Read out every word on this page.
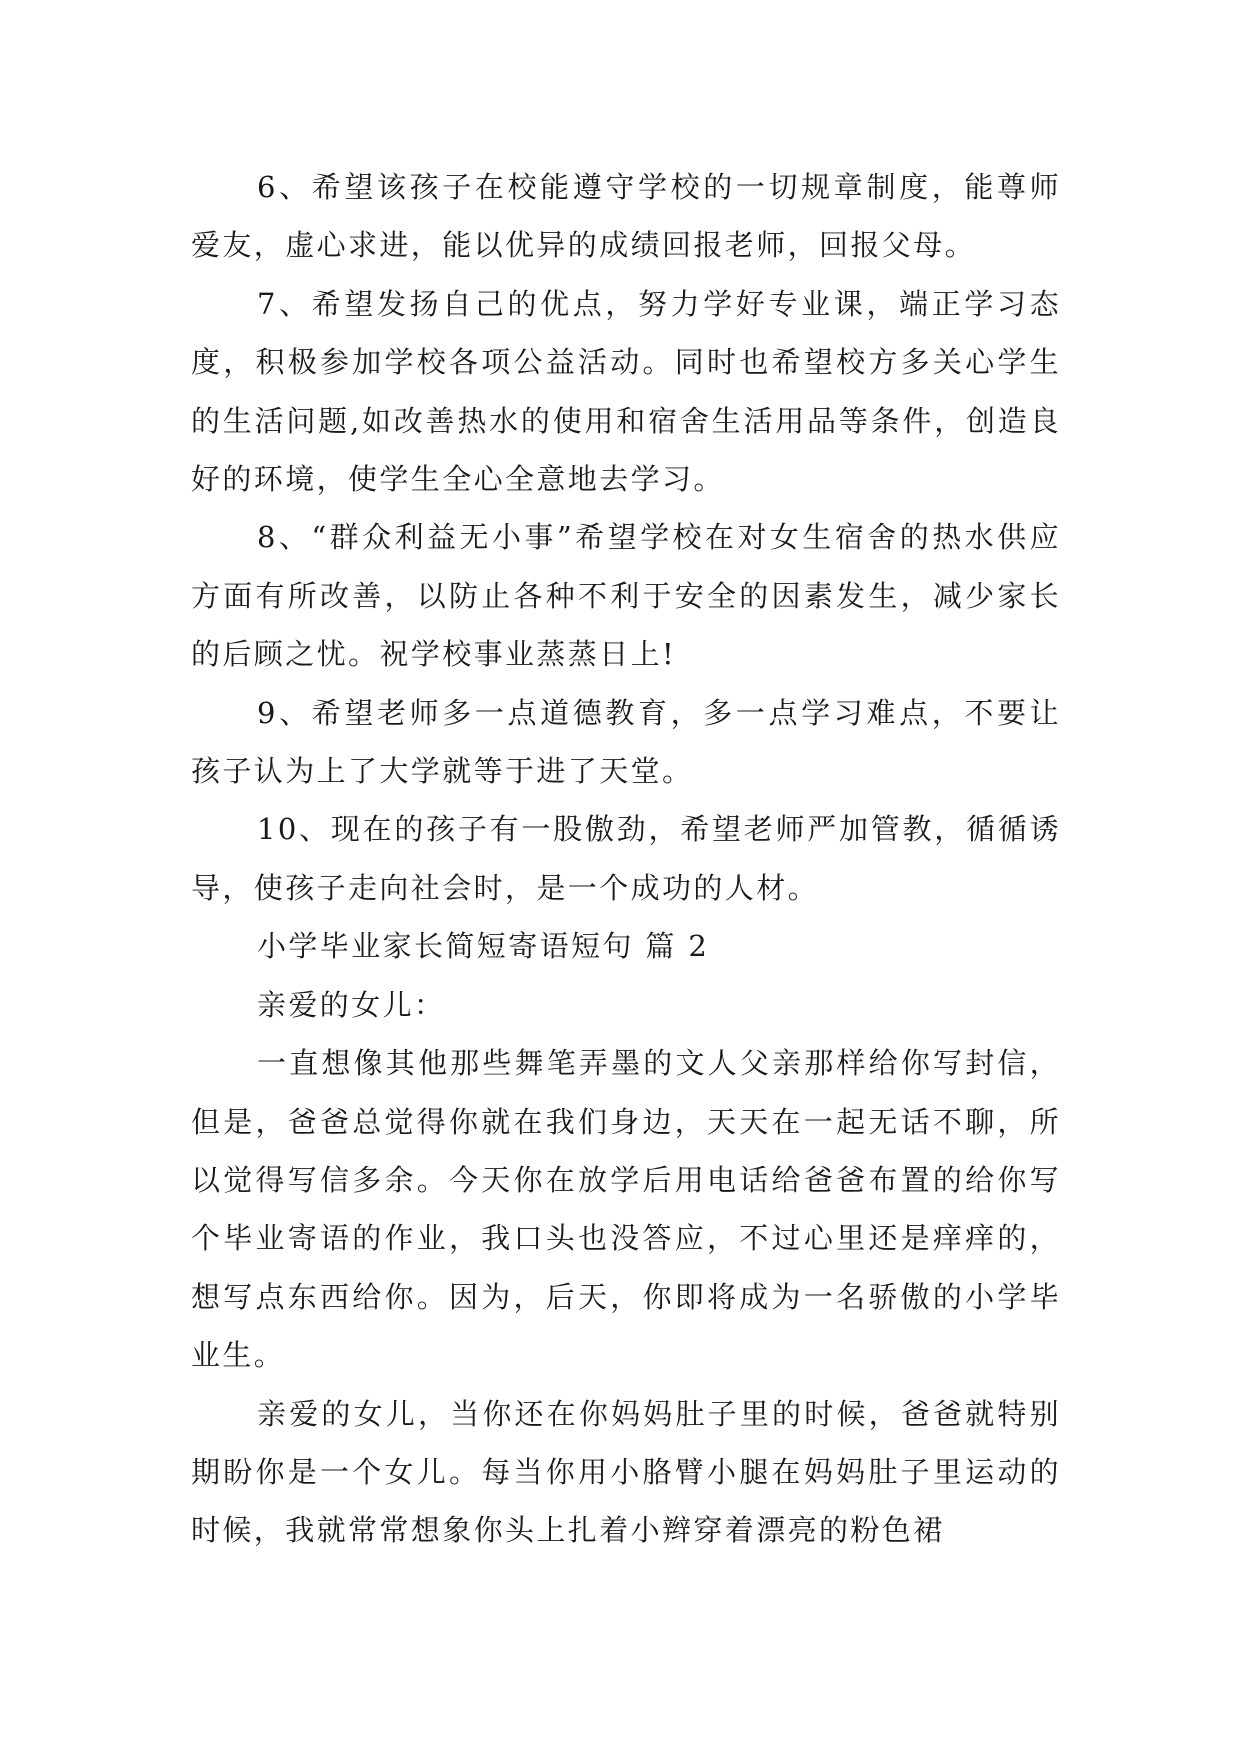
6、希望该孩子在校能遵守学校的一切规章制度，能尊师爱友，虚心求进，能以优异的成绩回报老师，回报父母。

7、希望发扬自己的优点，努力学好专业课，端正学习态度，积极参加学校各项公益活动。同时也希望校方多关心学生的生活问题,如改善热水的使用和宿舍生活用品等条件，创造良好的环境，使学生全心全意地去学习。

8、“群众利益无小事”希望学校在对女生宿舍的热水供应方面有所改善，以防止各种不利于安全的因素发生，减少家长的后顾之忧。祝学校事业蒸蒸日上!

9、希望老师多一点道德教育，多一点学习难点，不要让孩子认为上了大学就等于进了天堂。

10、现在的孩子有一股傲劲，希望老师严加管教，循循诱导，使孩子走向社会时，是一个成功的人材。

小学毕业家长简短寄语短句 篇 2

亲爱的女儿：

一直想像其他那些舞笔弄墨的文人父亲那样给你写封信，但是，爸爸总觉得你就在我们身边，天天在一起无话不聊，所以觉得写信多余。今天你在放学后用电话给爸爸布置的给你写个毕业寄语的作业，我口头也没答应，不过心里还是痒痒的，想写点东西给你。因为，后天，你即将成为一名骄傲的小学毕业生。

亲爱的女儿，当你还在你妈妈肚子里的时候，爸爸就特别期盼你是一个女儿。每当你用小胳臂小腿在妈妈肚子里运动的时候，我就常常想象你头上扎着小辫穿着漂亮的粉色裙
